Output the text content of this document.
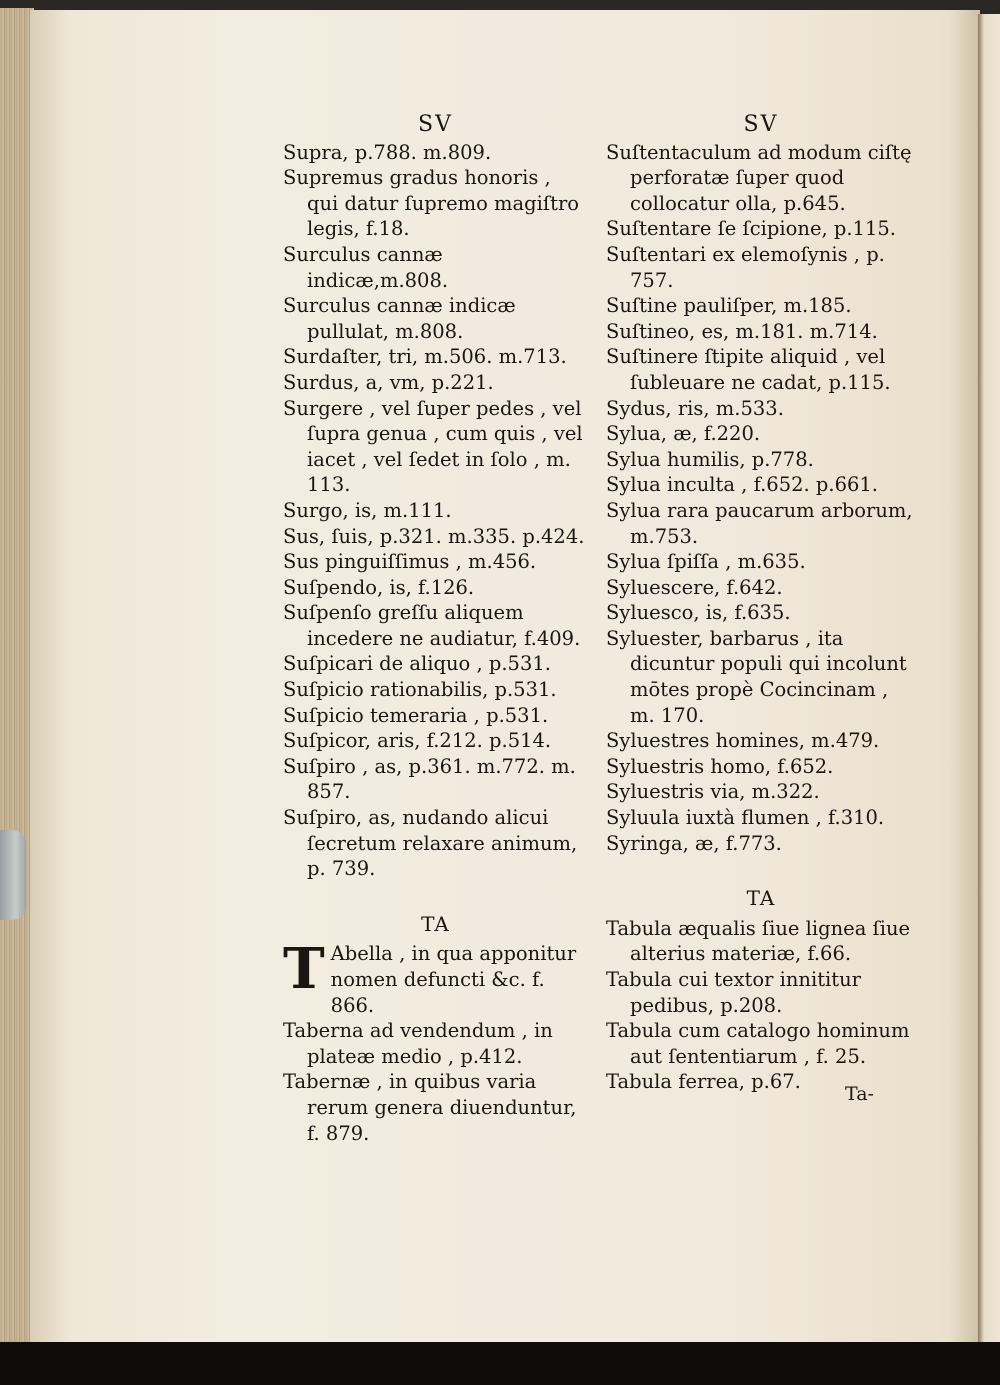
SV
Supra, p.788. m.809.
Supremus gradus honoris , qui datur ſupremo magiſtro legis, f.18.
Surculus cannæ indicæ,m.808.
Surculus cannæ indicæ pullulat, m.808.
Surdaſter, tri, m.506. m.713.
Surdus, a, vm, p.221.
Surgere , vel ſuper pedes , vel ſupra genua , cum quis , vel iacet , vel ſedet in ſolo , m. 113.
Surgo, is, m.111.
Sus, ſuis, p.321. m.335. p.424.
Sus pinguiſſimus , m.456.
Suſpendo, is, f.126.
Suſpenſo greſſu aliquem incedere ne audiatur, f.409.
Suſpicari de aliquo , p.531.
Suſpicio rationabilis, p.531.
Suſpicio temeraria , p.531.
Suſpicor, aris, f.212. p.514.
Suſpiro , as, p.361. m.772. m. 857.
Suſpiro, as, nudando alicui ſecretum relaxare animum, p. 739.
TA
T Abella , in qua apponitur nomen defuncti &c. f. 866.
Taberna ad vendendum , in plateæ medio , p.412.
Tabernæ , in quibus varia rerum genera diuenduntur, f. 879.
SV
Suſtentaculum ad modum ciſtę perforatæ ſuper quod collocatur olla, p.645.
Suſtentare ſe ſcipione, p.115.
Suſtentari ex elemoſynis , p. 757.
Suſtine pauliſper, m.185.
Suſtineo, es, m.181. m.714.
Suſtinere ſtipite aliquid , vel ſubleuare ne cadat, p.115.
Sydus, ris, m.533.
Sylua, æ, f.220.
Sylua humilis, p.778.
Sylua inculta , f.652. p.661.
Sylua rara paucarum arborum, m.753.
Sylua ſpiſſa , m.635.
Syluescere, f.642.
Syluesco, is, f.635.
Syluester, barbarus , ita dicuntur populi qui incolunt mōtes propè Cocincinam , m. 170.
Syluestres homines, m.479.
Syluestris homo, f.652.
Syluestris via, m.322.
Syluula iuxtà flumen , f.310.
Syringa, æ, f.773.
TA
Tabula æqualis ſiue lignea ſiue alterius materiæ, f.66.
Tabula cui textor innititur pedibus, p.208.
Tabula cum catalogo hominum aut ſententiarum , f. 25.
Tabula ferrea, p.67.
Ta-
